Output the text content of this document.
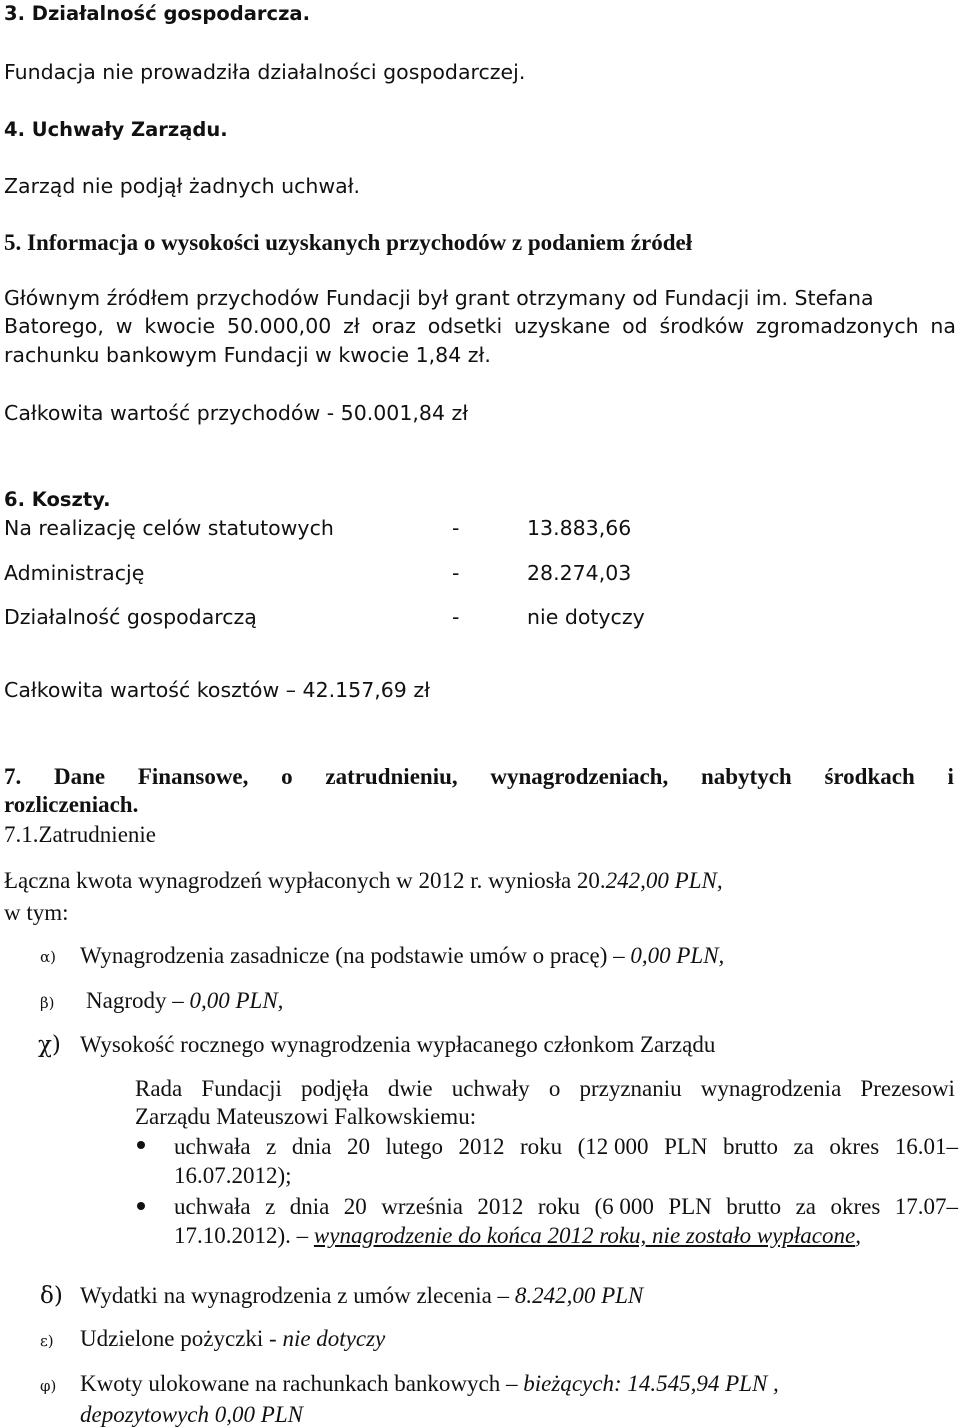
3. Działalność gospodarcza.
Fundacja nie prowadziła działalności gospodarczej.
4. Uchwały Zarządu.
Zarząd nie podjął żadnych uchwał.
5. Informacja o wysokości uzyskanych przychodów z podaniem źródeł
Głównym źródłem przychodów Fundacji był grant otrzymany od Fundacji im. Stefana
Batorego, w kwocie 50.000,00 zł oraz odsetki uzyskane od środków zgromadzonych na
rachunku bankowym Fundacji w kwocie 1,84 zł.
Całkowita wartość przychodów - 50.001,84 zł
6. Koszty.
Na realizację celów statutowych	-	13.883,66
Administrację	-	28.274,03
Działalność gospodarczą	-	nie dotyczy
Całkowita wartość kosztów – 42.157,69 zł
7. Dane Finansowe, o zatrudnieniu, wynagrodzeniach, nabytych środkach i
rozliczeniach.
7.1.Zatrudnienie
Łączna kwota wynagrodzeń wypłaconych w 2012 r. wyniosła 20.242,00 PLN,
w tym:
α) Wynagrodzenia zasadnicze (na podstawie umów o pracę) – 0,00 PLN,
β) Nagrody – 0,00 PLN,
χ) Wysokość rocznego wynagrodzenia wypłacanego członkom Zarządu
Rada Fundacji podjęła dwie uchwały o przyznaniu wynagrodzenia Prezesowi
Zarządu Mateuszowi Falkowskiemu:
uchwała z dnia 20 lutego 2012 roku (12 000 PLN brutto za okres 16.01–
16.07.2012);
uchwała z dnia 20 września 2012 roku (6 000 PLN brutto za okres 17.07–
17.10.2012). – wynagrodzenie do końca 2012 roku, nie zostało wypłacone,
δ) Wydatki na wynagrodzenia z umów zlecenia – 8.242,00 PLN
ε) Udzielone pożyczki - nie dotyczy
φ) Kwoty ulokowane na rachunkach bankowych – bieżących: 14.545,94 PLN ,
depozytowych 0,00 PLN
